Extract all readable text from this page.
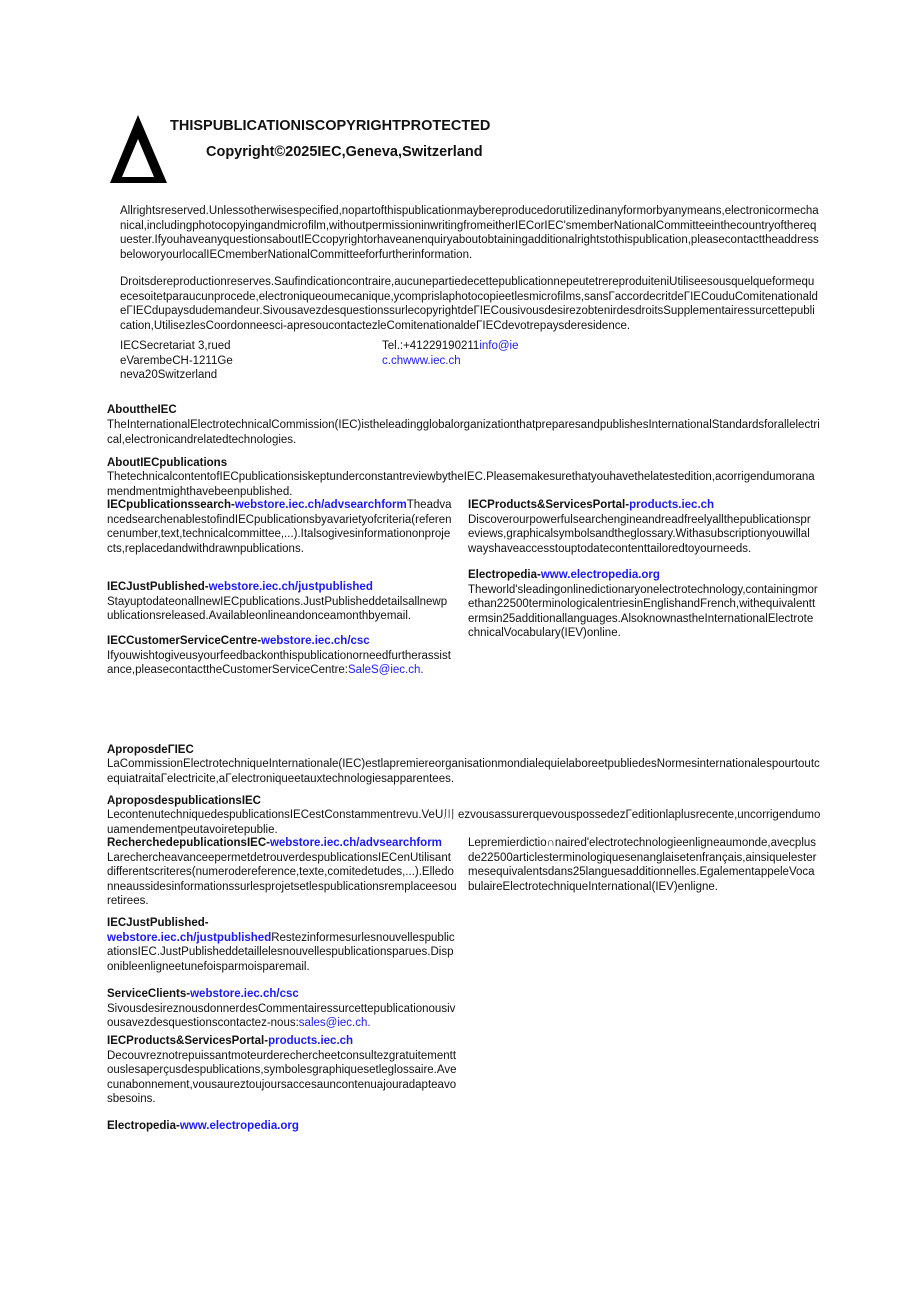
THISPUBLICATIONISCOPYRIGHTPROTECTED
Copyright©2025IEC,Geneva,Switzerland
Allrightsreserved.Unlessotherwisespecified,nopartofthispublicationmaybereproducedorutilizedinanyformorbyanymeans,electronicormechanical,includingphotocopyingandmicrofilm,withoutpermissioninwritingfromeitherIECorIEC'smemberNationalCommitteeinthecountryoftherequester.IfyouhaveanyquestionsaboutIECcopyrightorhaveanenquiryaboutobtainingadditionalrightstothispublication,pleasecontacttheaddressbeloworyourlocalIECmemberNationalCommitteeforfurtherinformation.
Droitsdereproductionreserves.Saufindicationcontraire,aucunepartiedecettepublicationnepeutetrereproduiteniUtiliseesousquelqueformequecesoitetparaucunprocede,electroniqueoumecanique,ycomprislaphotocopieetlesmicrofilms,sansΓaccordecritdeΓIECouduComitenationaldeΓIECdupaysdudemandeur.SivousavezdesquestionssurlecopyrightdeΓIECousivousdesirezobtenirdesdroitsSupplementairessurcettepublication,UtilisezlesCoordonneesci-apresoucontactezleComitenationaldeΓIECdevotrepaysderesidence.
IECSecretariat 3,ruedeVarembeCH-1211Geneva20Switzerland
Tel.:+41229190211info@iec.chwww.iec.ch
AbouttheIEC
TheInternationalElectrotechnicalCommission(IEC)istheleadingglobalorganizationthatpreparesandpublishesInternationalStandardsforallelectrical,electronicandrelatedtechnologies.
AboutIECpublications
ThetechnicalcontentofIECpublicationsiskeptunderconstantreviewbytheIEC.Pleasemakesurethatyouhavethelatestedition,acorrigendumoranamendmentmighthavebeenpublished.
IECpublicationssearch-webstore.iec.ch/advsearchformTheadvancedsearchenablestofindIECpublicationsbyavarietyofcriteria(referencenumber,text,technicalcommittee,...).Italsogivesinformationonprojects,replacedandwithdrawnpublications.
IECJustPublished-webstore.iec.ch/justpublished
StayuptodateonallnewIECpublications.JustPublisheddetailsallnewpublicationsreleased.Availableonlineandonceamonthbyemail.
IECCustomerServiceCentre-webstore.iec.ch/csc
Ifyouwishtogiveusyourfeedbackonthispublicationorneedfurtherassistance,pleasecontacttheCustomerServiceCentre:SaleS@iec.ch.
IECProducts&ServicesPortal-products.iec.ch
Discoverourpowerfulsearchengineandreadfreelyallthepublicationspreviews,graphicalsymbolsandtheglossary.Withasubscriptionyouwillalwayshaveaccesstouptodatecontenttailoredtoyourneeds.
Electropedia-www.electropedia.org
Theworld'sleadingonlinedictionaryonelectrotechnology,containingmorethan22500terminologicalentriesinEnglishandFrench,withequivalenttermsin25additionallanguages.AlsoknownastheInternationalElectrotechnicalVocabulary(IEV)online.
AproposdeΓIEC
LaCommissionElectrotechniqueInternationale(IEC)estlapremiereorganisationmondialequielaboreetpubliedesNormesinternationalespourtoutcequiatraitaΓelectricite,aΓelectroniqueetauxtechnologiesapparentees.
AproposdespublicationsIEC
LecontenutechniquedespublicationsIECestConstammentrevu.VeU川 ezvousassurerquevouspossedezΓeditionlaplusrecente,uncorrigendumouamendementpeutavoiretepublie.
RecherchedepublicationsIEC-webstore.iec.ch/advsearchform
LarechercheavanceepermetdetrouverdespublicationsIECenUtilisantdifferentscriteres(numerodereference,texte,comitedetudes,...).Elledonneaussidesinformationssurlesprojetsetlespublicationsremplaceesouretirees.
Lepremierdictio∩naired'electrotechnologieenligneaumonde,avecplusde22500articlesterminologiquesenanglaisetenfrançais,ainsiquelestermesequivalentsdans25languesadditionnelles.EgalementappeleVocabulaireElectrotechniqueInternational(IEV)enligne.
IECJustPublished-
webstore.iec.ch/justpublishedRestezinformesurlesnouvellespublicationsIEC.JustPublisheddetaillelesnouvellespublicationsparues.Disponibleenligneetunefoisparmoisparemail.
ServiceClients-webstore.iec.ch/csc
SivousdesireznousdonnerdesCommentairessurcettepublicationousivousavezdesquestionscontactez-nous:sales@iec.ch.
IECProducts&ServicesPortal-products.iec.ch
Decouvreznotrepuissantmoteurderechercheetconsultezgratuitementtouslesaperçusdespublications,symbolesgraphiquesetleglossaire.Avecunabonnement,vousaureztoujoursaccesauncontenuajouradapteavosbesoins.
Electropedia-www.electropedia.org
